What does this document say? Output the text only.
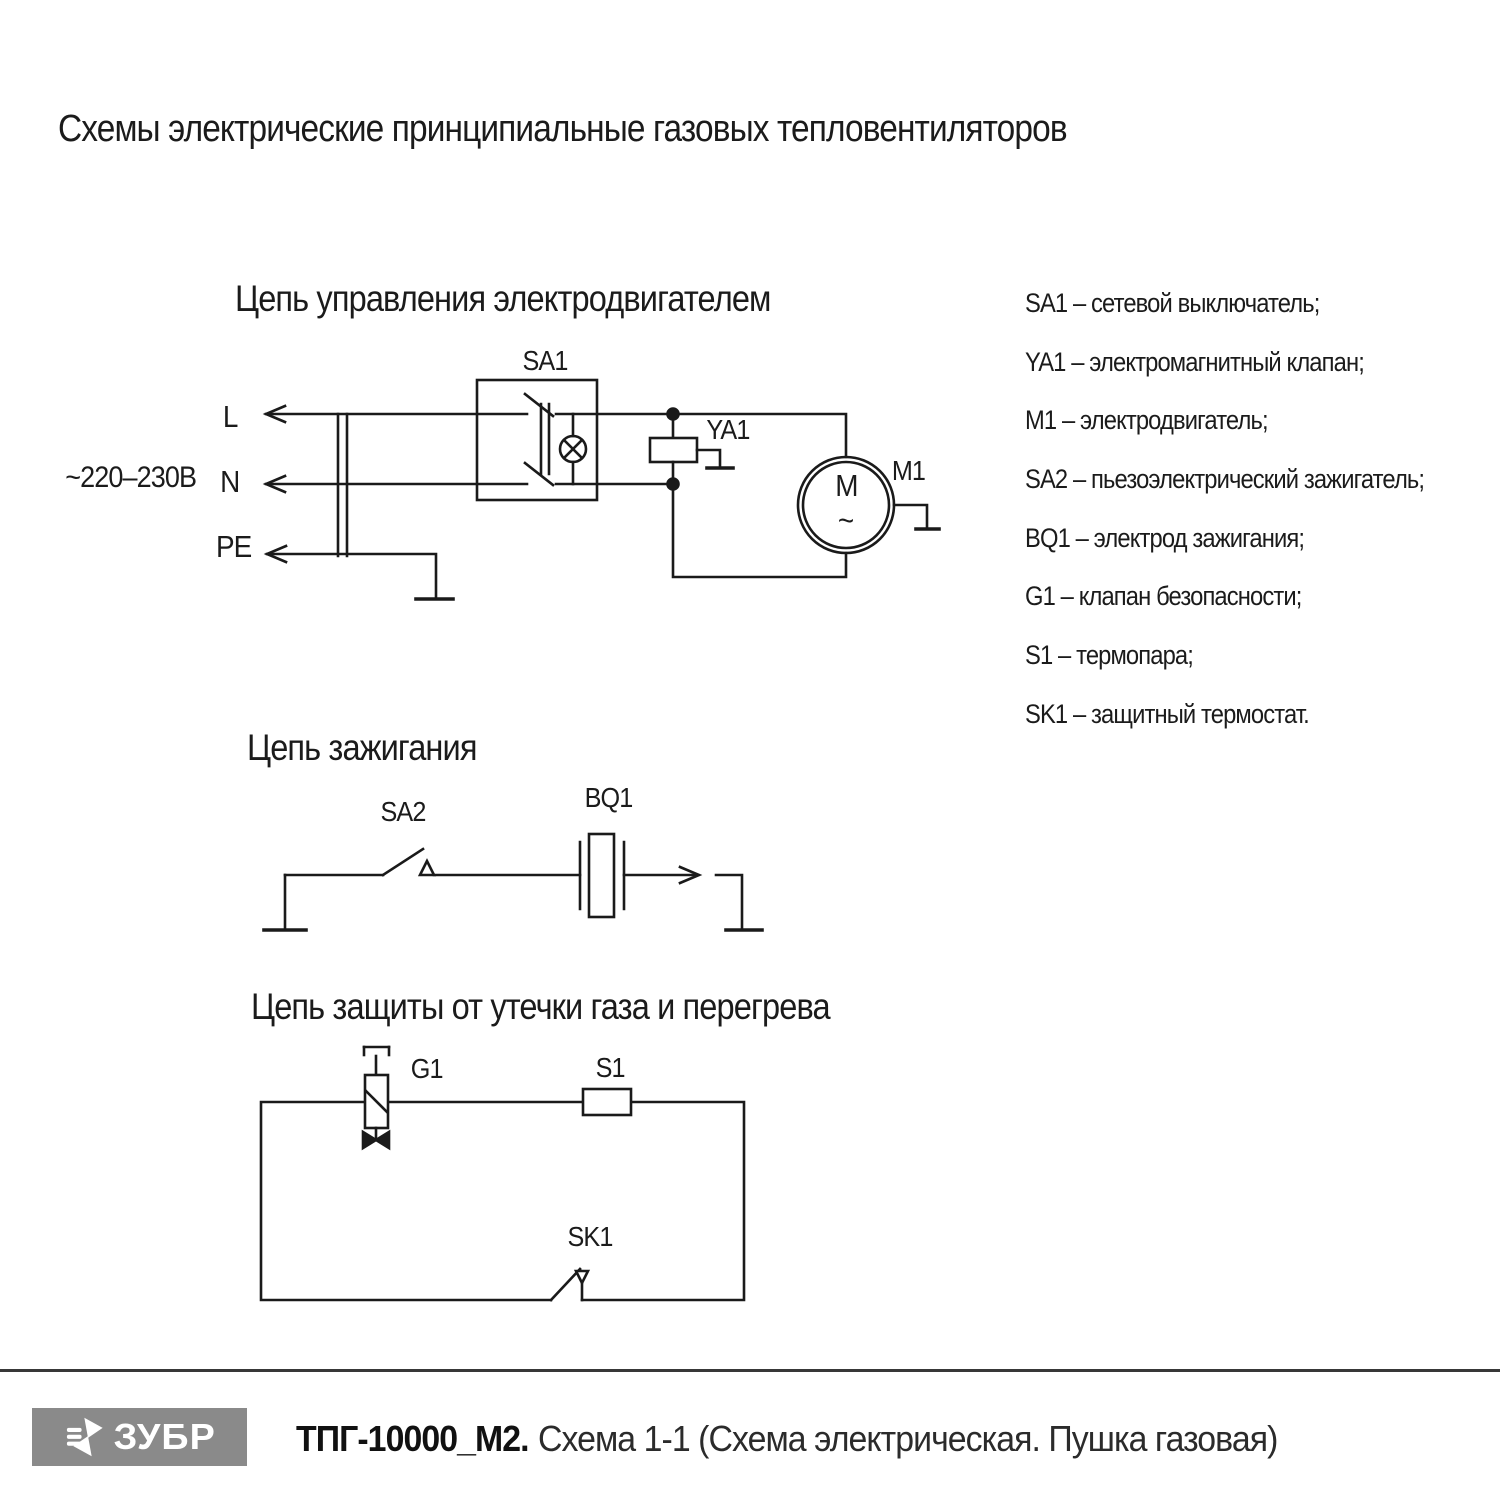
Схемы электрические принципиальные газовых тепловентиляторов
Цепь управления электродвигателем
Цепь зажигания
Цепь защиты от утечки газа и перегрева
~220–230В
L
N
PE
SA1
YA1
M1
M
~
SA2	BQ1
G1	S1
SK1
SA1 – сетевой выключатель;
YA1 – электромагнитный клапан;
M1 – электродвигатель;
SA2 – пьезоэлектрический зажигатель;
BQ1 – электрод зажигания;
G1 – клапан безопасности;
S1 – термопара;
SK1 – защитный термостат.
ЗУБР ТПГ-10000_М2. Схема 1-1 (Схема электрическая. Пушка газовая)
